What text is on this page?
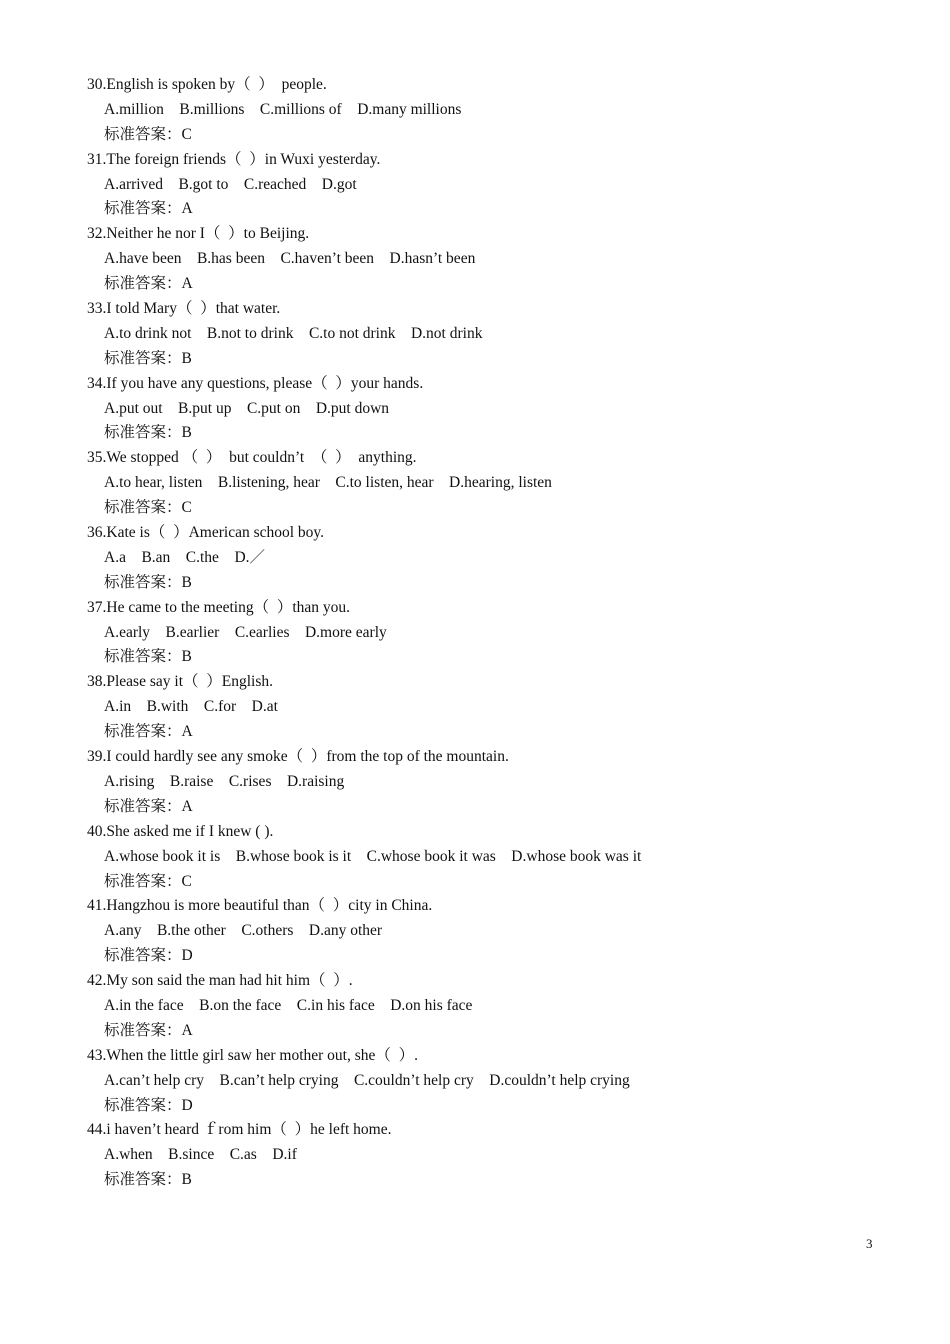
30.English is spoken by（  ）  people.
A.million    B.millions    C.millions of    D.many millions
标准答案：C
31.The foreign friends（  ）in Wuxi yesterday.
A.arrived    B.got to    C.reached    D.got
标准答案：A
32.Neither he nor I（  ）to Beijing.
A.have been    B.has been    C.haven’t been    D.hasn’t been
标准答案：A
33.I told Mary（  ）that water.
A.to drink not    B.not to drink    C.to not drink    D.not drink
标准答案：B
34.If you have any questions, please（  ）your hands.
A.put out    B.put up    C.put on    D.put down
标准答案：B
35.We stopped （  ）  but couldn’t  （  ）  anything.
A.to hear, listen    B.listening, hear    C.to listen, hear    D.hearing, listen
标准答案：C
36.Kate is（  ）American school boy.
A.a    B.an    C.the    D.／
标准答案：B
37.He came to the meeting（  ）than you.
A.early    B.earlier    C.earlies    D.more early
标准答案：B
38.Please say it（  ）English.
A.in    B.with    C.for    D.at
标准答案：A
39.I could hardly see any smoke（  ）from the top of the mountain.
A.rising    B.raise    C.rises    D.raising
标准答案：A
40.She asked me if I knew ( ).
A.whose book it is    B.whose book is it    C.whose book it was    D.whose book was it
标准答案：C
41.Hangzhou is more beautiful than（  ）city in China.
A.any    B.the other    C.others    D.any other
标准答案：D
42.My son said the man had hit him（  ）.
A.in the face    B.on the face    C.in his face    D.on his face
标准答案：A
43.When the little girl saw her mother out, she（  ）.
A.can’t help cry    B.can’t help crying    C.couldn’t help cry    D.couldn’t help crying
标准答案：D
44.i haven’t heard ｆrom him（  ）he left home.
A.when    B.since    C.as    D.if
标准答案：B
3
